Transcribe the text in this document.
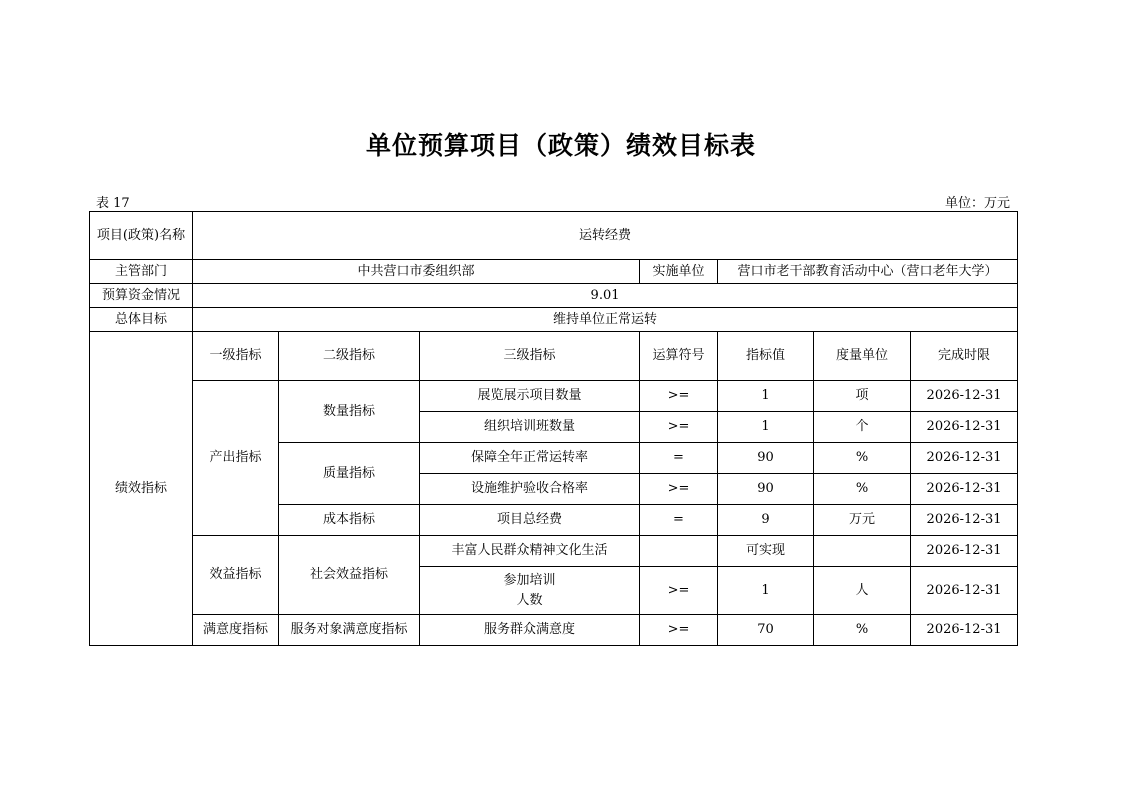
单位预算项目（政策）绩效目标表
表 17	单位：万元
项目(政策)名称	运转经费						
主管部门	中共营口市委组织部			实施单位	营口市老干部教育活动中心（营口老年大学）		
预算资金情况	9.01						
总体目标	维持单位正常运转						
绩效指标	一级指标	二级指标	三级指标	运算符号	指标值	度量单位	完成时限
	产出指标	数量指标	展览展示项目数量	>=	1	项	2026-12-31
			组织培训班数量	>=	1	个	2026-12-31
		质量指标	保障全年正常运转率	=	90	%	2026-12-31
			设施维护验收合格率	>=	90	%	2026-12-31
		成本指标	项目总经费	=	9	万元	2026-12-31
	效益指标	社会效益指标	丰富人民群众精神文化生活		可实现		2026-12-31
			参加培训人数	>=	1	人	2026-12-31
	满意度指标	服务对象满意度指标	服务群众满意度	>=	70	%	2026-12-31
